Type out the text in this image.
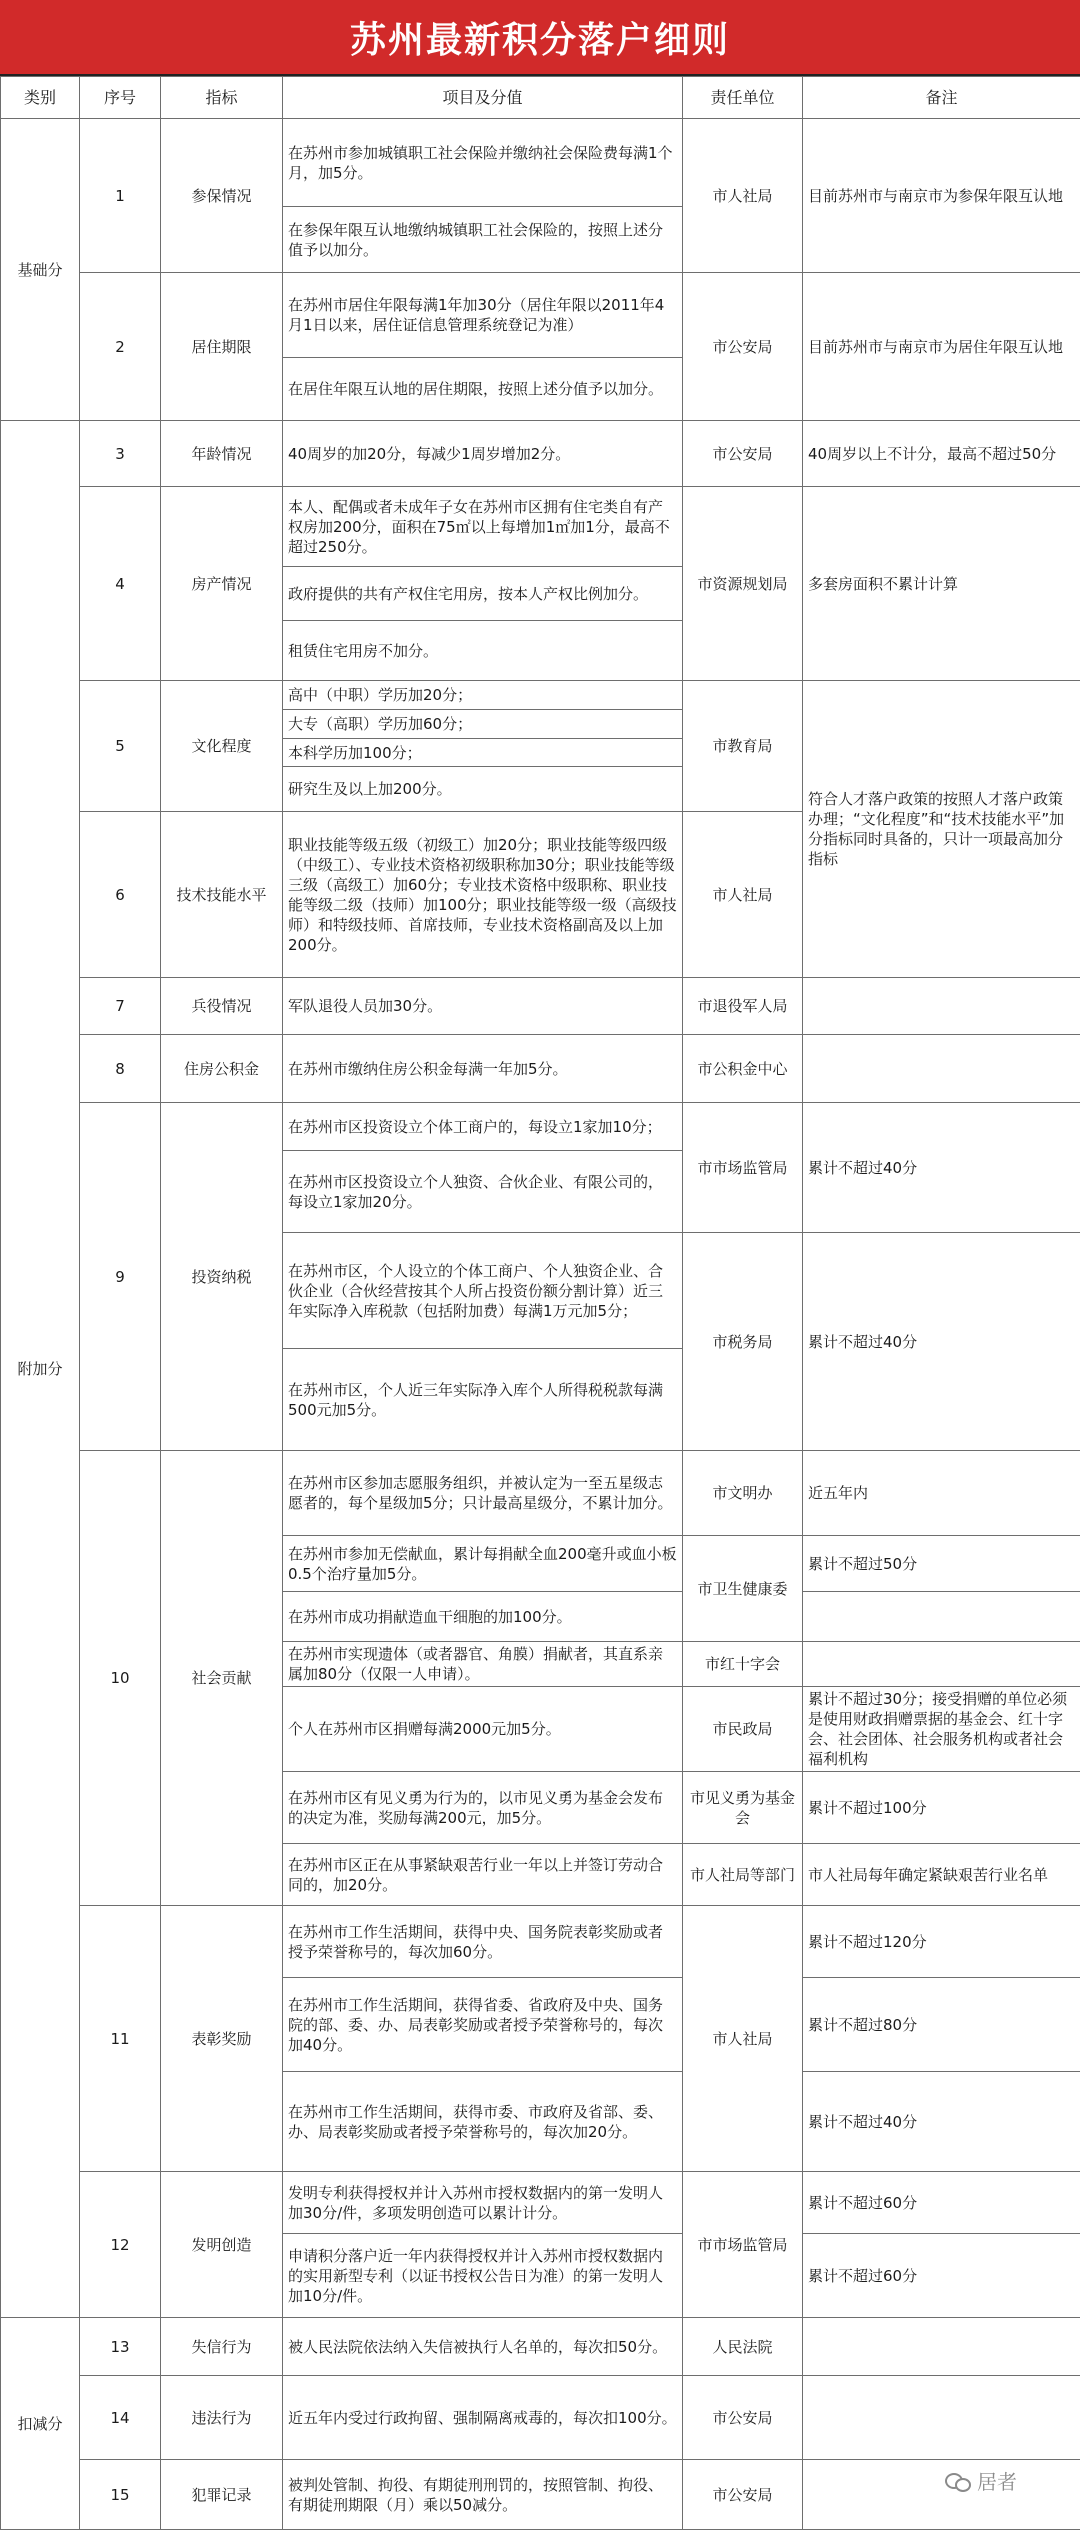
苏州最新积分落户细则
类别	序号	指标	项目及分值	责任单位	备注
基础分	1	参保情况	在苏州市参加城镇职工社会保险并缴纳社会保险费每满1个月，加5分。	市人社局	目前苏州市与南京市为参保年限互认地
			在参保年限互认地缴纳城镇职工社会保险的，按照上述分值予以加分。		
	2	居住期限	在苏州市居住年限每满1年加30分（居住年限以2011年4月1日以来，居住证信息管理系统登记为准）	市公安局	目前苏州市与南京市为居住年限互认地
			在居住年限互认地的居住期限，按照上述分值予以加分。		
附加分	3	年龄情况	40周岁的加20分，每减少1周岁增加2分。	市公安局	40周岁以上不计分，最高不超过50分
	4	房产情况	本人、配偶或者未成年子女在苏州市区拥有住宅类自有产权房加200分，面积在75㎡以上每增加1㎡加1分，最高不超过250分。	市资源规划局	多套房面积不累计计算
			政府提供的共有产权住宅用房，按本人产权比例加分。		
			租赁住宅用房不加分。		
	5	文化程度	高中（中职）学历加20分；	市教育局	符合人才落户政策的按照人才落户政策办理；“文化程度”和“技术技能水平”加分指标同时具备的，只计一项最高加分指标
			大专（高职）学历加60分；		
			本科学历加100分；		
			研究生及以上加200分。		
	6	技术技能水平	职业技能等级五级（初级工）加20分；职业技能等级四级（中级工）、专业技术资格初级职称加30分；职业技能等级三级（高级工）加60分；专业技术资格中级职称、职业技能等级二级（技师）加100分；职业技能等级一级（高级技师）和特级技师、首席技师，专业技术资格副高及以上加200分。	市人社局	
	7	兵役情况	军队退役人员加30分。	市退役军人局	
	8	住房公积金	在苏州市缴纳住房公积金每满一年加5分。	市公积金中心	
	9	投资纳税	在苏州市区投资设立个体工商户的，每设立1家加10分；	市市场监管局	累计不超过40分
			在苏州市区投资设立个人独资、合伙企业、有限公司的，每设立1家加20分。		
			在苏州市区，个人设立的个体工商户、个人独资企业、合伙企业（合伙经营按其个人所占投资份额分割计算）近三年实际净入库税款（包括附加费）每满1万元加5分；	市税务局	累计不超过40分
			在苏州市区，个人近三年实际净入库个人所得税税款每满500元加5分。		
	10	社会贡献	在苏州市区参加志愿服务组织，并被认定为一至五星级志愿者的，每个星级加5分；只计最高星级分，不累计加分。	市文明办	近五年内
			在苏州市参加无偿献血，累计每捐献全血200毫升或血小板0.5个治疗量加5分。	市卫生健康委	累计不超过50分
			在苏州市成功捐献造血干细胞的加100分。		
			在苏州市实现遗体（或者器官、角膜）捐献者，其直系亲属加80分（仅限一人申请）。	市红十字会	
			个人在苏州市区捐赠每满2000元加5分。	市民政局	累计不超过30分；接受捐赠的单位必须是使用财政捐赠票据的基金会、红十字会、社会团体、社会服务机构或者社会福利机构
			在苏州市区有见义勇为行为的，以市见义勇为基金会发布的决定为准，奖励每满200元，加5分。	市见义勇为基金会	累计不超过100分
			在苏州市区正在从事紧缺艰苦行业一年以上并签订劳动合同的，加20分。	市人社局等部门	市人社局每年确定紧缺艰苦行业名单
	11	表彰奖励	在苏州市工作生活期间，获得中央、国务院表彰奖励或者授予荣誉称号的，每次加60分。	市人社局	累计不超过120分
			在苏州市工作生活期间，获得省委、省政府及中央、国务院的部、委、办、局表彰奖励或者授予荣誉称号的，每次加40分。		累计不超过80分
			在苏州市工作生活期间，获得市委、市政府及省部、委、办、局表彰奖励或者授予荣誉称号的，每次加20分。		累计不超过40分
	12	发明创造	发明专利获得授权并计入苏州市授权数据内的第一发明人加30分/件，多项发明创造可以累计计分。	市市场监管局	累计不超过60分
			申请积分落户近一年内获得授权并计入苏州市授权数据内的实用新型专利（以证书授权公告日为准）的第一发明人加10分/件。		累计不超过60分
扣减分	13	失信行为	被人民法院依法纳入失信被执行人名单的，每次扣50分。	人民法院	
	14	违法行为	近五年内受过行政拘留、强制隔离戒毒的，每次扣100分。	市公安局	
	15	犯罪记录	被判处管制、拘役、有期徒刑刑罚的，按照管制、拘役、有期徒刑期限（月）乘以50减分。	市公安局	
居者
